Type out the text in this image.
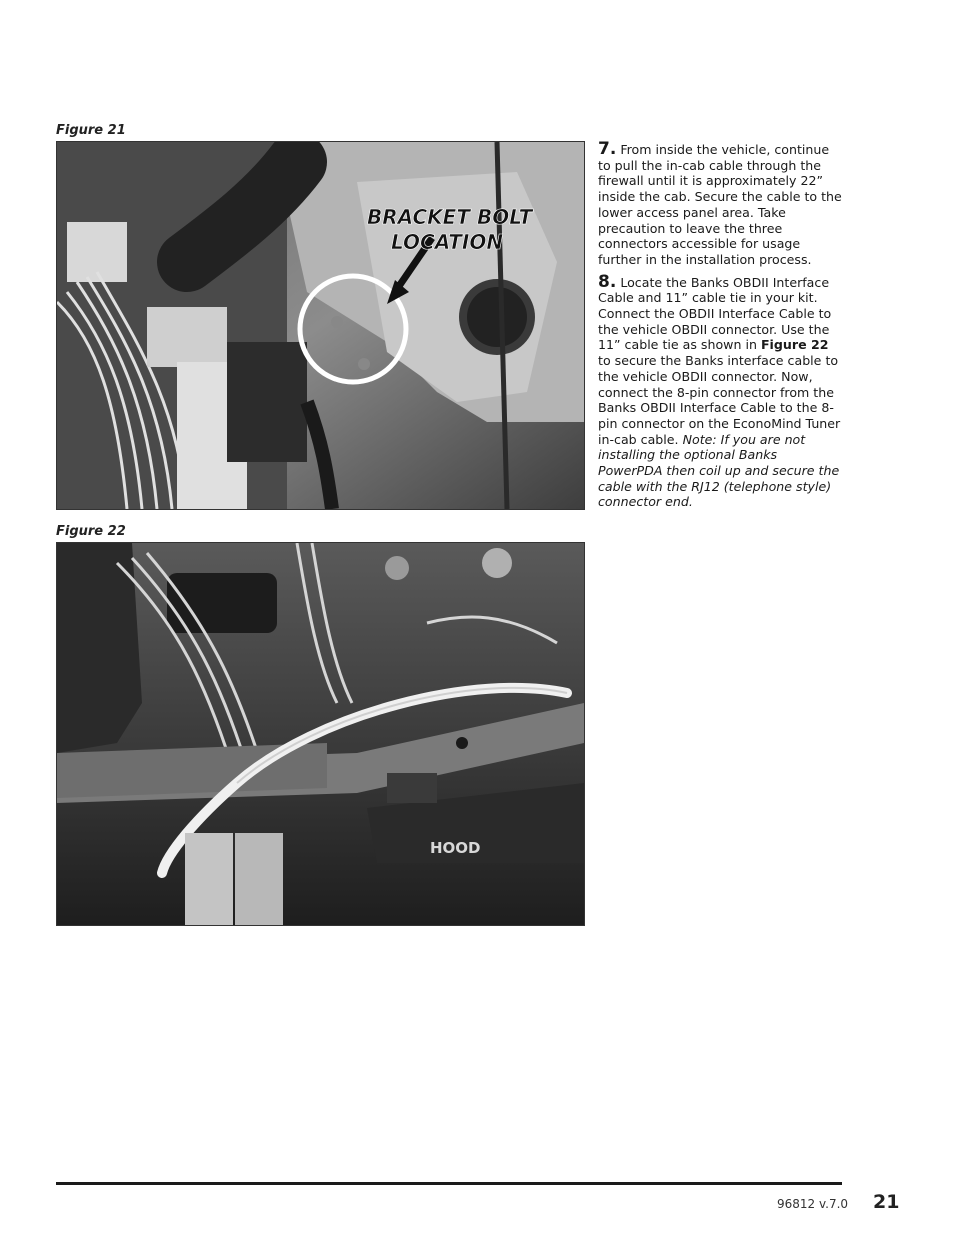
Figure 21

BRACKET BOLT
LOCATION

Figure 22

HOOD

7. From inside the vehicle, continue to pull the in-cab cable through the firewall until it is approximately 22” inside the cab. Secure the cable to the lower access panel area. Take precaution to leave the three connectors accessible for usage further in the installation process.

8. Locate the Banks OBDII Interface Cable and 11” cable tie in your kit. Connect the OBDII Interface Cable to the vehicle OBDII connector. Use the 11” cable tie as shown in Figure 22 to secure the Banks interface cable to the vehicle OBDII connector. Now, connect the 8-pin connector from the Banks OBDII Interface Cable to the 8-pin connector on the EconoMind Tuner in-cab cable. Note: If you are not installing the optional Banks PowerPDA then coil up and secure the cable with the RJ12 (telephone style) connector end.

96812 v.7.0 21
